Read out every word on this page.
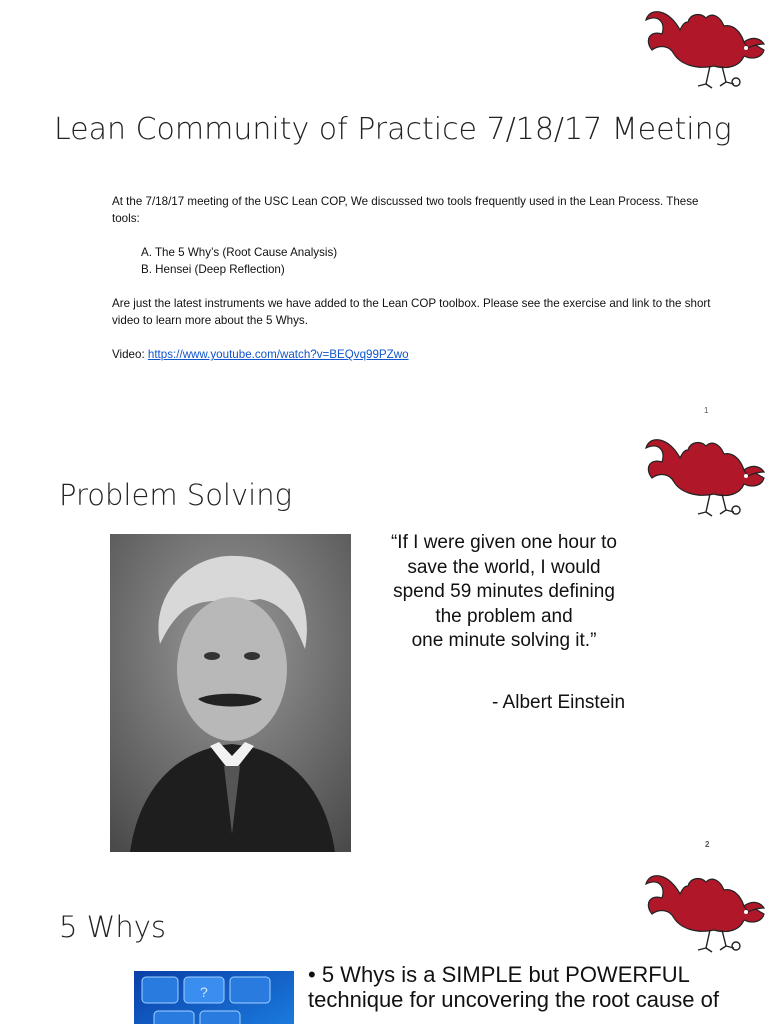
Lean Community of Practice 7/18/17 Meeting

At the 7/18/17 meeting of the USC Lean COP, We discussed two tools frequently used in the Lean Process. These tools:

A. The 5 Why’s (Root Cause Analysis)

B. Hensei (Deep Reflection)

Are just the latest instruments we have added to the Lean COP toolbox. Please see the exercise and link to the short video to learn more about the 5 Whys.

Video: https://www.youtube.com/watch?v=BEQvq99PZwo

1
Problem Solving
“If I were given one hour to
save the world, I would
spend 59 minutes defining
the problem and
one minute solving it.”
- Albert Einstein
2
5 Whys
?
• 5 Whys is a SIMPLE but POWERFUL technique for uncovering the root cause of
